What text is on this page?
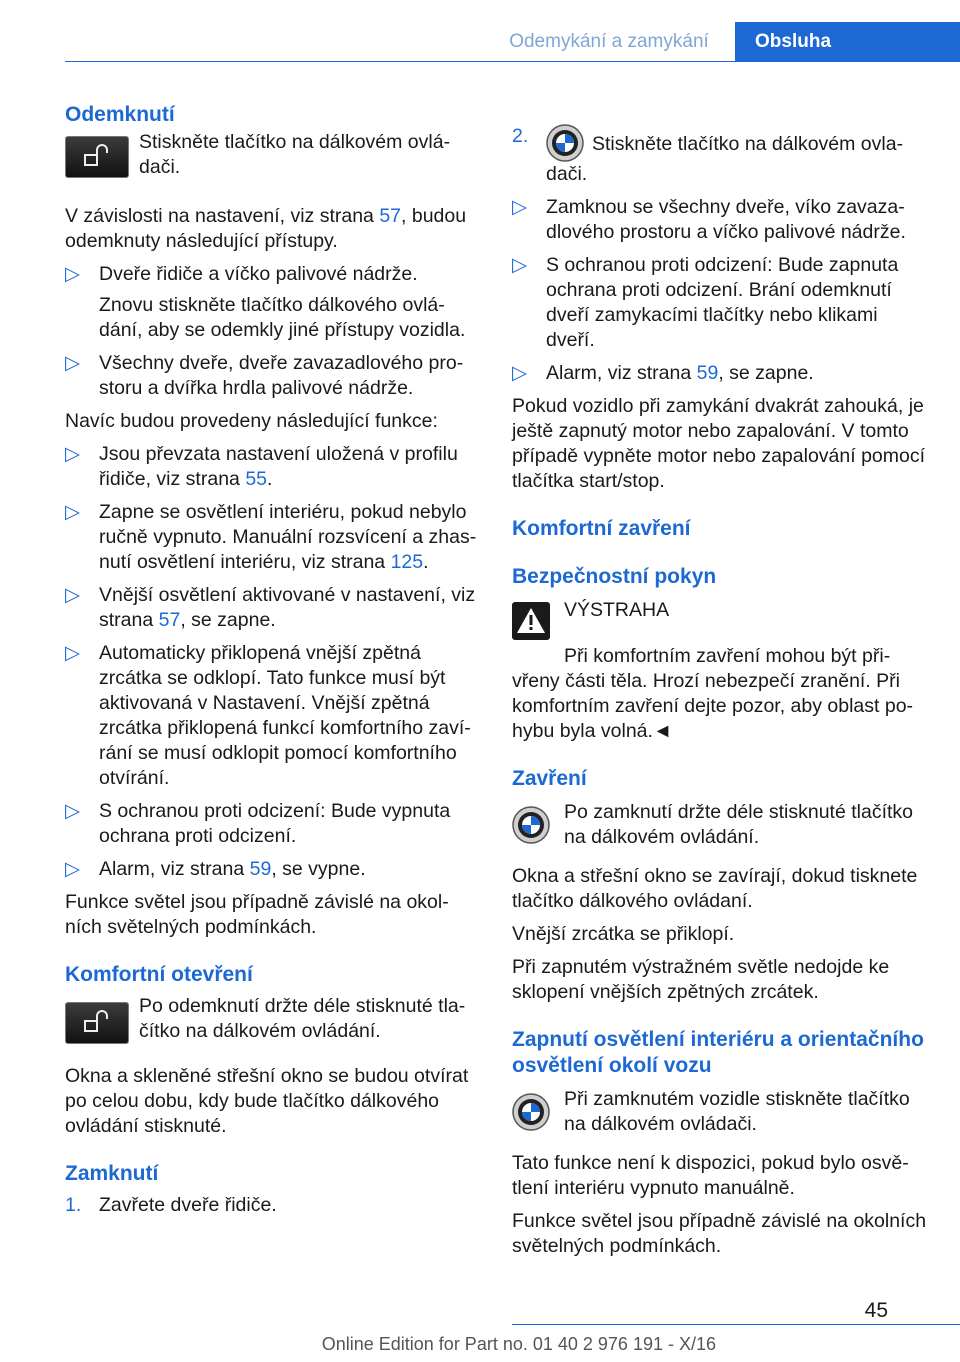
Odemykání a zamykání	Obsluha
Odemknutí

Stiskněte tlačítko na dálkovém ovládači.

V závislosti na nastavení, viz strana 57, budou odemknuty následující přístupy.

▷ Dveře řidiče a víčko palivové nádrže.

Znovu stiskněte tlačítko dálkového ovládání, aby se odemkly jiné přístupy vozidla.

▷ Všechny dveře, dveře zavazadlového prostoru a dvířka hrdla palivové nádrže.

Navíc budou provedeny následující funkce:

▷ Jsou převzata nastavení uložená v profilu řidiče, viz strana 55.
▷ Zapne se osvětlení interiéru, pokud nebylo ručně vypnuto. Manuální rozsvícení a zhasnutí osvětlení interiéru, viz strana 125.
▷ Vnější osvětlení aktivované v nastavení, viz strana 57, se zapne.
▷ Automaticky přiklopená vnější zpětná zrcátka se odklopí. Tato funkce musí být aktivovaná v Nastavení. Vnější zpětná zrcátka přiklopená funkcí komfortního zavírání se musí odklopit pomocí komfortního otvírání.
▷ S ochranou proti odcizení: Bude vypnuta ochrana proti odcizení.
▷ Alarm, viz strana 59, se vypne.

Funkce světel jsou případně závislé na okolních světelných podmínkách.

Komfortní otevření

Po odemknutí držte déle stisknuté tlačítko na dálkovém ovládání.

Okna a skleněné střešní okno se budou otvírat po celou dobu, kdy bude tlačítko dálkového ovládání stisknuté.

Zamknutí
1. Zavřete dveře řidiče.
2.	Stiskněte tlačítko na dálkovém ovladači.
▷ Zamknou se všechny dveře, víko zavazadlového prostoru a víčko palivové nádrže.
▷ S ochranou proti odcizení: Bude zapnuta ochrana proti odcizení. Brání odemknutí dveří zamykacími tlačítky nebo klikami dveří.
▷ Alarm, viz strana 59, se zapne.

Pokud vozidlo při zamykání dvakrát zahouká, je ještě zapnutý motor nebo zapalování. V tomto případě vypněte motor nebo zapalování pomocí tlačítka start/stop.

Komfortní zavření
Bezpečnostní pokyn

VÝSTRAHA

Při komfortním zavření mohou být přivřeny části těla. Hrozí nebezpečí zranění. Při komfortním zavření dejte pozor, aby oblast pohybu byla volná.◄

Zavření

Po zamknutí držte déle stisknuté tlačítko na dálkovém ovládání.

Okna a střešní okno se zavírají, dokud tisknete tlačítko dálkového ovládaní.

Vnější zrcátka se přiklopí.

Při zapnutém výstražném světle nedojde ke sklopení vnějších zpětných zrcátek.

Zapnutí osvětlení interiéru a orientačního osvětlení okolí vozu

Při zamknutém vozidle stiskněte tlačítko na dálkovém ovládači.

Tato funkce není k dispozici, pokud bylo osvětlení interiéru vypnuto manuálně.

Funkce světel jsou případně závislé na okolních světelných podmínkách.

45
Online Edition for Part no. 01 40 2 976 191 - X/16
